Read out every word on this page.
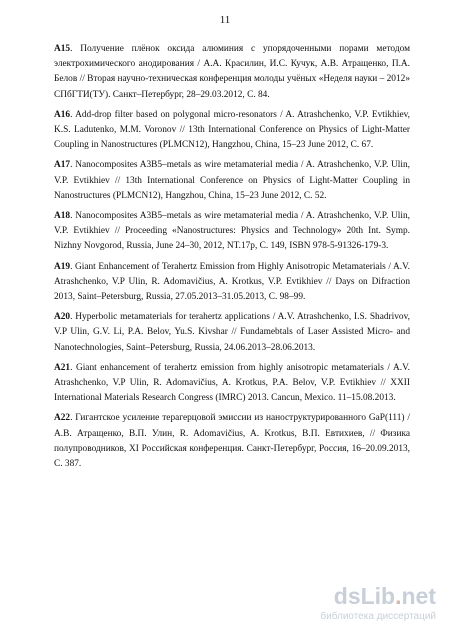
11

A15. Получение плёнок оксида алюминия с упорядоченными порами методом электрохимического анодирования / А.А. Красилин, И.С. Кучук, А.В. Атращенко, П.А. Белов // Вторая научно-техническая конференция молоды учёных «Неделя науки – 2012» СПбГТИ(ТУ). Санкт–Петербург, 28–29.03.2012, С. 84.

A16. Add-drop filter based on polygonal micro-resonators / A. Atrashchenko, V.P. Evtikhiev, K.S. Ladutenko, M.M. Voronov // 13th International Conference on Physics of Light-Matter Coupling in Nanostructures (PLMCN12), Hangzhou, China, 15–23 June 2012, C. 67.

A17. Nanocomposites A3B5–metals as wire metamaterial media / A. Atrashchenko, V.P. Ulin, V.P. Evtikhiev // 13th International Conference on Physics of Light-Matter Coupling in Nanostructures (PLMCN12), Hangzhou, China, 15–23 June 2012, C. 52.

A18. Nanocomposites A3B5–metals as wire metamaterial media / A. Atrashchenko, V.P. Ulin, V.P. Evtikhiev // Proceeding «Nanostructures: Physics and Technology» 20th Int. Symp. Nizhny Novgorod, Russia, June 24–30, 2012, NT.17p, C. 149, ISBN 978-5-91326-179-3.

A19. Giant Enhancement of Terahertz Emission from Highly Anisotropic Metamaterials / A.V. Atrashchenko, V.P Ulin, R. Adomavičius, A. Krotkus, V.P. Evtikhiev // Days on Difraction 2013, Saint–Petersburg, Russia, 27.05.2013–31.05.2013, C. 98–99.

A20. Hyperbolic metamaterials for terahertz applications / A.V. Atrashchenko, I.S. Shadrivov, V.P Ulin, G.V. Li, P.A. Belov, Yu.S. Kivshar // Fundamebtals of Laser Assisted Micro- and Nanotechnologies, Saint–Petersburg, Russia, 24.06.2013–28.06.2013.

A21. Giant enhancement of terahertz emission from highly anisotropic metamaterials / A.V. Atrashchenko, V.P Ulin, R. Adomavičius, A. Krotkus, P.A. Belov, V.P. Evtikhiev // XXII International Materials Research Congress (IMRC) 2013. Cancun, Mexico. 11–15.08.2013.

A22. Гигантское усиление терагерцовой эмиссии из наноструктурированного GaP(111) / А.В. Атращенко, В.П. Улин, R. Adomavičius, A. Krotkus, В.П. Евтихиев, // Физика полупроводников, XI Российская конференция. Санкт-Петербург, Россия, 16–20.09.2013, С. 387.

dsLib.net
библиотека диссертаций
